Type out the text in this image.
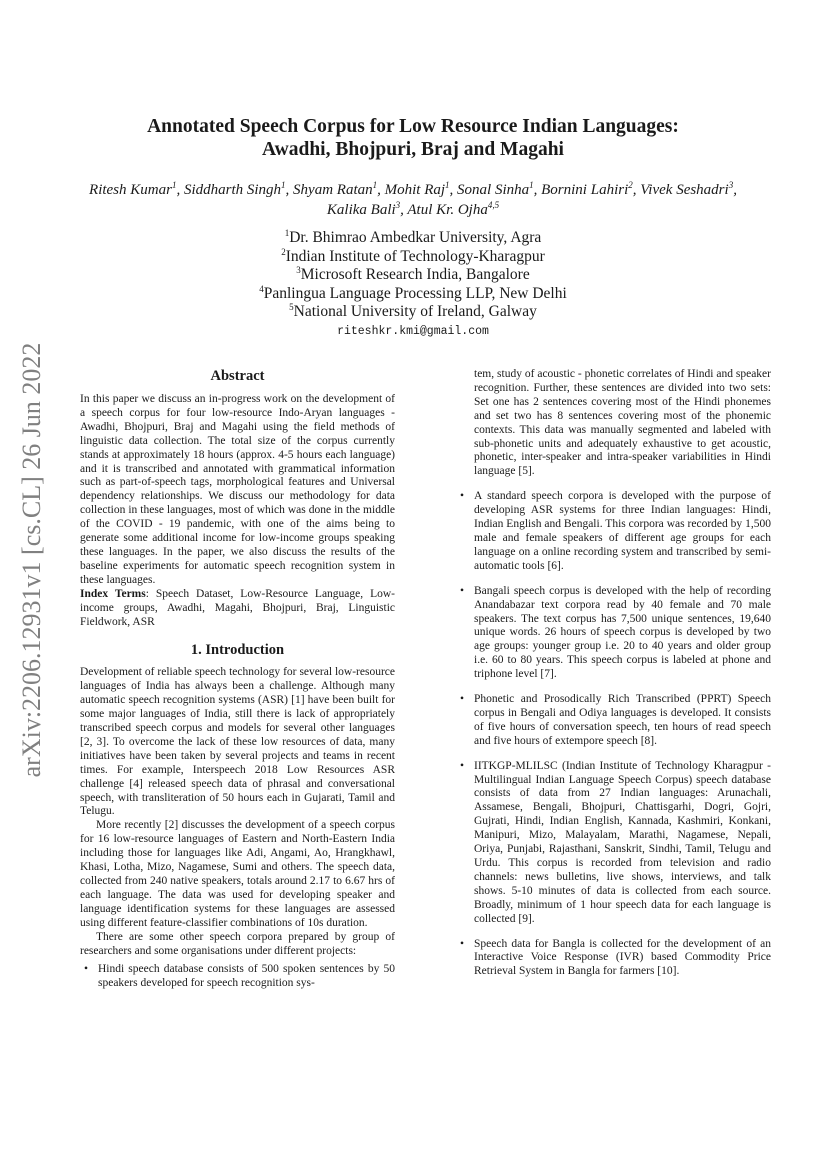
arXiv:2206.12931v1 [cs.CL] 26 Jun 2022
Annotated Speech Corpus for Low Resource Indian Languages:
Awadhi, Bhojpuri, Braj and Magahi
Ritesh Kumar$^1$, Siddharth Singh$^1$, Shyam Ratan$^1$, Mohit Raj$^1$, Sonal Sinha$^1$, Bornini Lahiri$^2$, Vivek Seshadri$^3$, Kalika Bali$^3$, Atul Kr. Ojha$^{4,5}$
$^1$Dr. Bhimrao Ambedkar University, Agra
$^2$Indian Institute of Technology-Kharagpur
$^3$Microsoft Research India, Bangalore
$^4$Panlingua Language Processing LLP, New Delhi
$^5$National University of Ireland, Galway
riteshkr.kmi@gmail.com
Abstract

In this paper we discuss an in-progress work on the development of a speech corpus for four low-resource Indo-Aryan languages - Awadhi, Bhojpuri, Braj and Magahi using the field methods of linguistic data collection. The total size of the corpus currently stands at approximately 18 hours (approx. 4-5 hours each language) and it is transcribed and annotated with grammatical information such as part-of-speech tags, morphological features and Universal dependency relationships. We discuss our methodology for data collection in these languages, most of which was done in the middle of the COVID - 19 pandemic, with one of the aims being to generate some additional income for low-income groups speaking these languages. In the paper, we also discuss the results of the baseline experiments for automatic speech recognition system in these languages.

Index Terms: Speech Dataset, Low-Resource Language, Low-income groups, Awadhi, Magahi, Bhojpuri, Braj, Linguistic Fieldwork, ASR

1. Introduction

Development of reliable speech technology for several low-resource languages of India has always been a challenge. Although many automatic speech recognition systems (ASR) [1] have been built for some major languages of India, still there is lack of appropriately transcribed speech corpus and models for several other languages [2, 3]. To overcome the lack of these low resources of data, many initiatives have been taken by several projects and teams in recent times. For example, Interspeech 2018 Low Resources ASR challenge [4] released speech data of phrasal and conversational speech, with transliteration of 50 hours each in Gujarati, Tamil and Telugu.

More recently [2] discusses the development of a speech corpus for 16 low-resource languages of Eastern and North-Eastern India including those for languages like Adi, Angami, Ao, Hrangkhawl, Khasi, Lotha, Mizo, Nagamese, Sumi and others. The speech data, collected from 240 native speakers, totals around 2.17 to 6.67 hrs of each language. The data was used for developing speaker and language identification systems for these languages are assessed using different feature-classifier combinations of 10s duration.

There are some other speech corpora prepared by group of researchers and some organisations under different projects:

• Hindi speech database consists of 500 spoken sentences by 50 speakers developed for speech recognition sys-
tem, study of acoustic - phonetic correlates of Hindi and speaker recognition. Further, these sentences are divided into two sets: Set one has 2 sentences covering most of the Hindi phonemes and set two has 8 sentences covering most of the phonemic contexts. This data was manually segmented and labeled with sub-phonetic units and adequately exhaustive to get acoustic, phonetic, inter-speaker and intra-speaker variabilities in Hindi language [5].
• A standard speech corpora is developed with the purpose of developing ASR systems for three Indian languages: Hindi, Indian English and Bengali. This corpora was recorded by 1,500 male and female speakers of different age groups for each language on a online recording system and transcribed by semi-automatic tools [6].
• Bangali speech corpus is developed with the help of recording Anandabazar text corpora read by 40 female and 70 male speakers. The text corpus has 7,500 unique sentences, 19,640 unique words. 26 hours of speech corpus is developed by two age groups: younger group i.e. 20 to 40 years and older group i.e. 60 to 80 years. This speech corpus is labeled at phone and triphone level [7].
• Phonetic and Prosodically Rich Transcribed (PPRT) Speech corpus in Bengali and Odiya languages is developed. It consists of five hours of conversation speech, ten hours of read speech and five hours of extempore speech [8].
• IITKGP-MLILSC (Indian Institute of Technology Kharagpur - Multilingual Indian Language Speech Corpus) speech database consists of data from 27 Indian languages: Arunachali, Assamese, Bengali, Bhojpuri, Chattisgarhi, Dogri, Gojri, Gujrati, Hindi, Indian English, Kannada, Kashmiri, Konkani, Manipuri, Mizo, Malayalam, Marathi, Nagamese, Nepali, Oriya, Punjabi, Rajasthani, Sanskrit, Sindhi, Tamil, Telugu and Urdu. This corpus is recorded from television and radio channels: news bulletins, live shows, interviews, and talk shows. 5-10 minutes of data is collected from each source. Broadly, minimum of 1 hour speech data for each language is collected [9].
• Speech data for Bangla is collected for the development of an Interactive Voice Response (IVR) based Commodity Price Retrieval System in Bangla for farmers [10].
